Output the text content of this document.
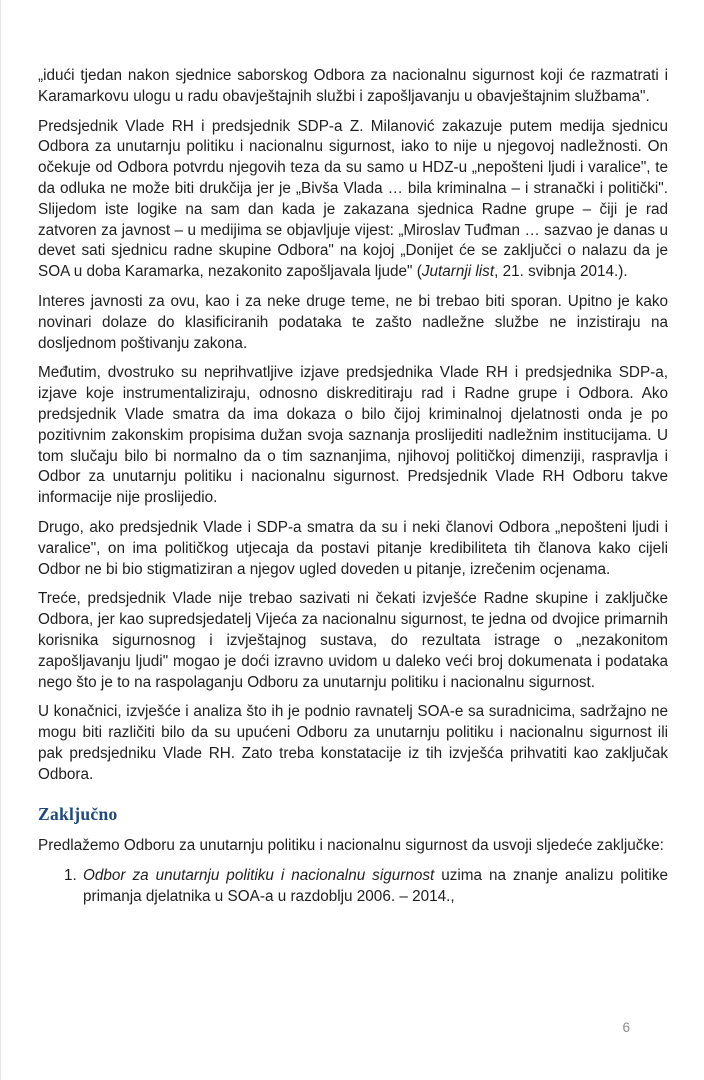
„idući tjedan nakon sjednice saborskog Odbora za nacionalnu sigurnost koji će razmatrati i Karamarkovu ulogu u radu obavještajnih službi i zapošljavanju u obavještajnim službama".

Predsjednik Vlade RH i predsjednik SDP-a Z. Milanović zakazuje putem medija sjednicu Odbora za unutarnju politiku i nacionalnu sigurnost, iako to nije u njegovoj nadležnosti. On očekuje od Odbora potvrdu njegovih teza da su samo u HDZ-u „nepošteni ljudi i varalice", te da odluka ne može biti drukčija jer je „Bivša Vlada … bila kriminalna – i stranački i politički". Slijedom iste logike na sam dan kada je zakazana sjednica Radne grupe – čiji je rad zatvoren za javnost – u medijima se objavljuje vijest: „Miroslav Tuđman … sazvao je danas u devet sati sjednicu radne skupine Odbora" na kojoj „Donijet će se zaključci o nalazu da je SOA u doba Karamarka, nezakonito zapošljavala ljude" (Jutarnji list, 21. svibnja 2014.).

Interes javnosti za ovu, kao i za neke druge teme, ne bi trebao biti sporan. Upitno je kako novinari dolaze do klasificiranih podataka te zašto nadležne službe ne inzistiraju na dosljednom poštivanju zakona.

Međutim, dvostruko su neprihvatljive izjave predsjednika Vlade RH i predsjednika SDP-a, izjave koje instrumentaliziraju, odnosno diskreditiraju rad i Radne grupe i Odbora. Ako predsjednik Vlade smatra da ima dokaza o bilo čijoj kriminalnoj djelatnosti onda je po pozitivnim zakonskim propisima dužan svoja saznanja proslijediti nadležnim institucijama. U tom slučaju bilo bi normalno da o tim saznanjima, njihovoj političkoj dimenziji, raspravlja i Odbor za unutarnju politiku i nacionalnu sigurnost. Predsjednik Vlade RH Odboru takve informacije nije proslijedio.

Drugo, ako predsjednik Vlade i SDP-a smatra da su i neki članovi Odbora „nepošteni ljudi i varalice", on ima političkog utjecaja da postavi pitanje kredibiliteta tih članova kako cijeli Odbor ne bi bio stigmatiziran a njegov ugled doveden u pitanje, izrečenim ocjenama.

Treće, predsjednik Vlade nije trebao sazivati ni čekati izvješće Radne skupine i zaključke Odbora, jer kao supredsjedatelj Vijeća za nacionalnu sigurnost, te jedna od dvojice primarnih korisnika sigurnosnog i izvještajnog sustava, do rezultata istrage o „nezakonitom zapošljavanju ljudi" mogao je doći izravno uvidom u daleko veći broj dokumenata i podataka nego što je to na raspolaganju Odboru za unutarnju politiku i nacionalnu sigurnost.

U konačnici, izvješće i analiza što ih je podnio ravnatelj SOA-e sa suradnicima, sadržajno ne mogu biti različiti bilo da su upućeni Odboru za unutarnju politiku i nacionalnu sigurnost ili pak predsjedniku Vlade RH. Zato treba konstatacije iz tih izvješća prihvatiti kao zaključak Odbora.

Zaključno

Predlažemo Odboru za unutarnju politiku i nacionalnu sigurnost da usvoji sljedeće zaključke:

1. Odbor za unutarnju politiku i nacionalnu sigurnost uzima na znanje analizu politike primanja djelatnika u SOA-a u razdoblju 2006. – 2014.,
6
